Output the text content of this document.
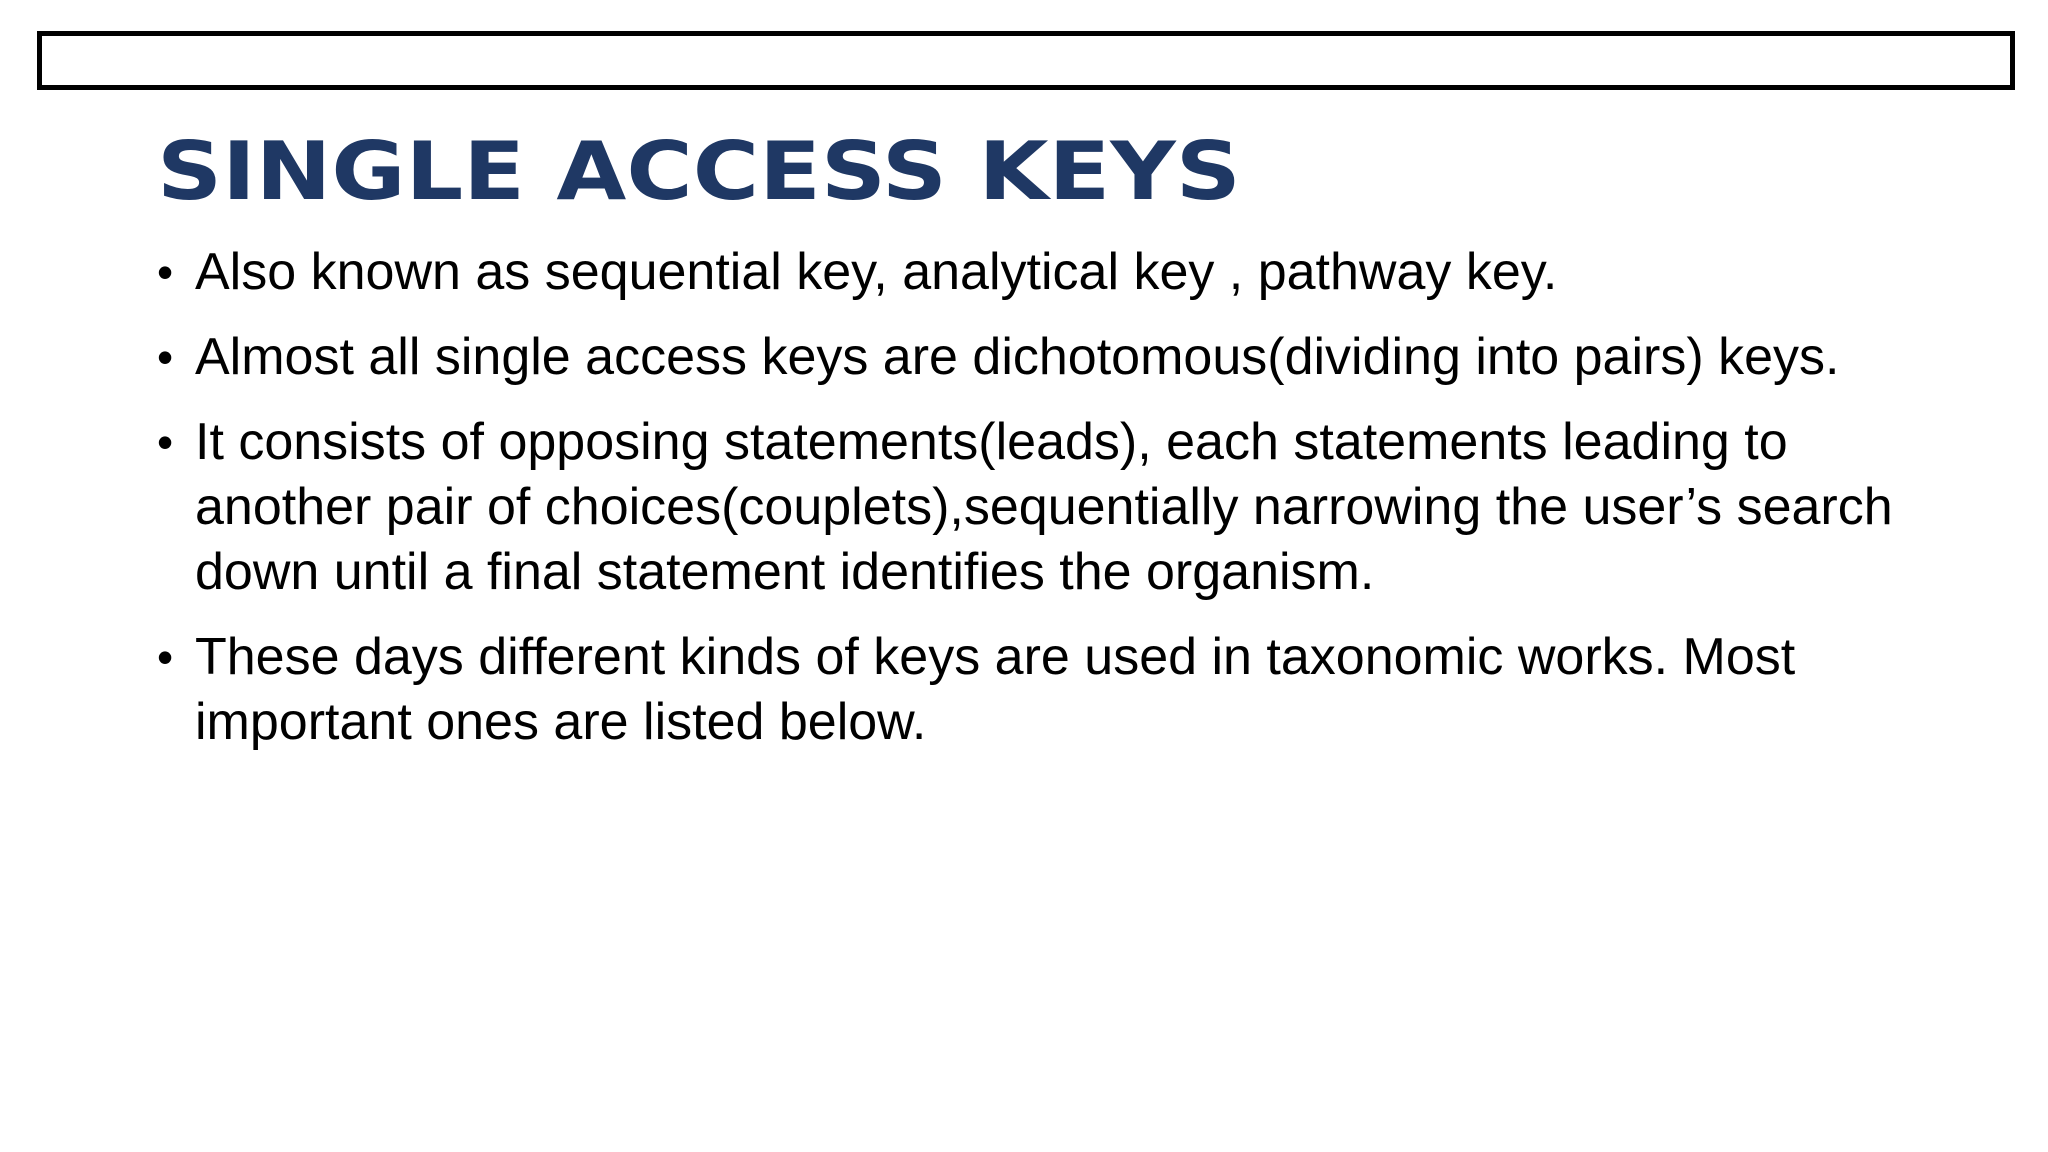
SINGLE ACCESS KEYS
• Also known as sequential key, analytical key , pathway key.
• Almost all single access keys are dichotomous(dividing into pairs) keys.
• It consists of opposing statements(leads), each statements leading to another pair of choices(couplets),sequentially narrowing the user’s search down until a final statement identifies the organism.
• These days different kinds of keys are used in taxonomic works. Most important ones are listed below.
